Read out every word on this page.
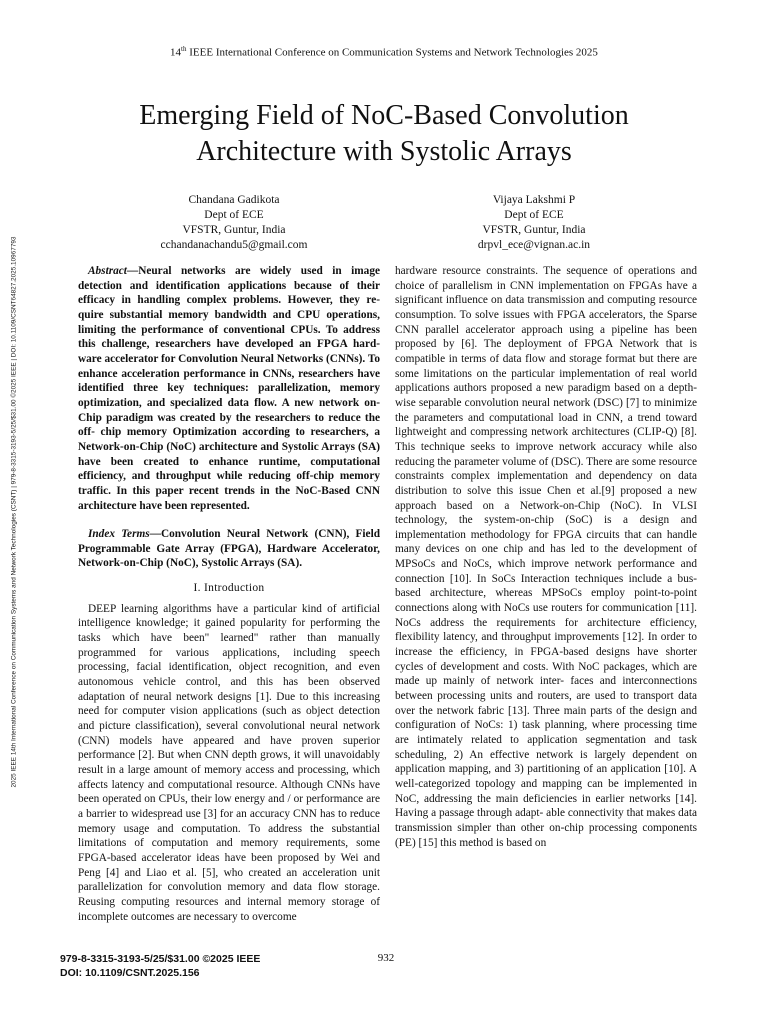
14th IEEE International Conference on Communication Systems and Network Technologies 2025
2025 IEEE 14th International Conference on Communication Systems and Network Technologies (CSNT) | 979-8-3315-3193-5/25/$31.00 ©2025 IEEE | DOI: 10.1109/CSNT64827.2025.10967793
Emerging Field of NoC-Based Convolution
Architecture with Systolic Arrays
Chandana Gadikota
Dept of ECE
VFSTR, Guntur, India
cchandanachandu5@gmail.com
Vijaya Lakshmi P
Dept of ECE
VFSTR, Guntur, India
drpvl_ece@vignan.ac.in

Abstract—Neural networks are widely used in image detection and identification applications because of their efficacy in handling complex problems. However, they re- quire substantial memory bandwidth and CPU operations, limiting the performance of conventional CPUs. To address this challenge, researchers have developed an FPGA hard- ware accelerator for Convolution Neural Networks (CNNs). To enhance acceleration performance in CNNs, researchers have identified three key techniques: parallelization, memory optimization, and specialized data flow. A new network on- Chip paradigm was created by the researchers to reduce the off- chip memory Optimization according to researchers, a Network-on-Chip (NoC) architecture and Systolic Arrays (SA) have been created to enhance runtime, computational efficiency, and throughput while reducing off-chip memory traffic. In this paper recent trends in the NoC-Based CNN architecture have been represented.

Index Terms—Convolution Neural Network (CNN), Field Programmable Gate Array (FPGA), Hardware Accelerator, Network-on-Chip (NoC), Systolic Arrays (SA).

I. Introduction

DEEP learning algorithms have a particular kind of artificial intelligence knowledge; it gained popularity for performing the tasks which have been" learned" rather than manually programmed for various applications, including speech processing, facial identification, object recognition, and even autonomous vehicle control, and this has been observed adaptation of neural network designs [1]. Due to this increasing need for computer vision applications (such as object detection and picture classification), several convolutional neural network (CNN) models have appeared and have proven superior performance [2]. But when CNN depth grows, it will unavoidably result in a large amount of memory access and processing, which affects latency and computational resource. Although CNNs have been operated on CPUs, their low energy and / or performance are a barrier to widespread use [3] for an accuracy CNN has to reduce memory usage and computation. To address the substantial limitations of computation and memory requirements, some FPGA-based accelerator ideas have been proposed by Wei and Peng [4] and Liao et al. [5], who created an acceleration unit parallelization for convolution memory and data flow storage. Reusing computing resources and internal memory storage of incomplete outcomes are necessary to overcome

hardware resource constraints. The sequence of operations and choice of parallelism in CNN implementation on FPGAs have a significant influence on data transmission and computing resource consumption. To solve issues with FPGA accelerators, the Sparse CNN parallel accelerator approach using a pipeline has been proposed by [6]. The deployment of FPGA Network that is compatible in terms of data flow and storage format but there are some limitations on the particular implementation of real world applications authors proposed a new paradigm based on a depth-wise separable convolution neural network (DSC) [7] to minimize the parameters and computational load in CNN, a trend toward lightweight and compressing network architectures (CLIP-Q) [8]. This technique seeks to improve network accuracy while also reducing the parameter volume of (DSC). There are some resource constraints complex implementation and dependency on data distribution to solve this issue Chen et al.[9] proposed a new approach based on a Network-on-Chip (NoC). In VLSI technology, the system-on-chip (SoC) is a design and implementation methodology for FPGA circuits that can handle many devices on one chip and has led to the development of MPSoCs and NoCs, which improve network performance and connection [10]. In SoCs Interaction techniques include a bus-based architecture, whereas MPSoCs employ point-to-point connections along with NoCs use routers for communication [11]. NoCs address the requirements for architecture efficiency, flexibility latency, and throughput improvements [12]. In order to increase the efficiency, in FPGA-based designs have shorter cycles of development and costs. With NoC packages, which are made up mainly of network inter- faces and interconnections between processing units and routers, are used to transport data over the network fabric [13]. Three main parts of the design and configuration of NoCs: 1) task planning, where processing time are intimately related to application segmentation and task scheduling, 2) An effective network is largely dependent on application mapping, and 3) partitioning of an application [10]. A well-categorized topology and mapping can be implemented in NoC, addressing the main deficiencies in earlier networks [14]. Having a passage through adapt- able connectivity that makes data transmission simpler than other on-chip processing components (PE) [15] this method is based on

979-8-3315-3193-5/25/$31.00 ©2025 IEEE
DOI: 10.1109/CSNT.2025.156
932
